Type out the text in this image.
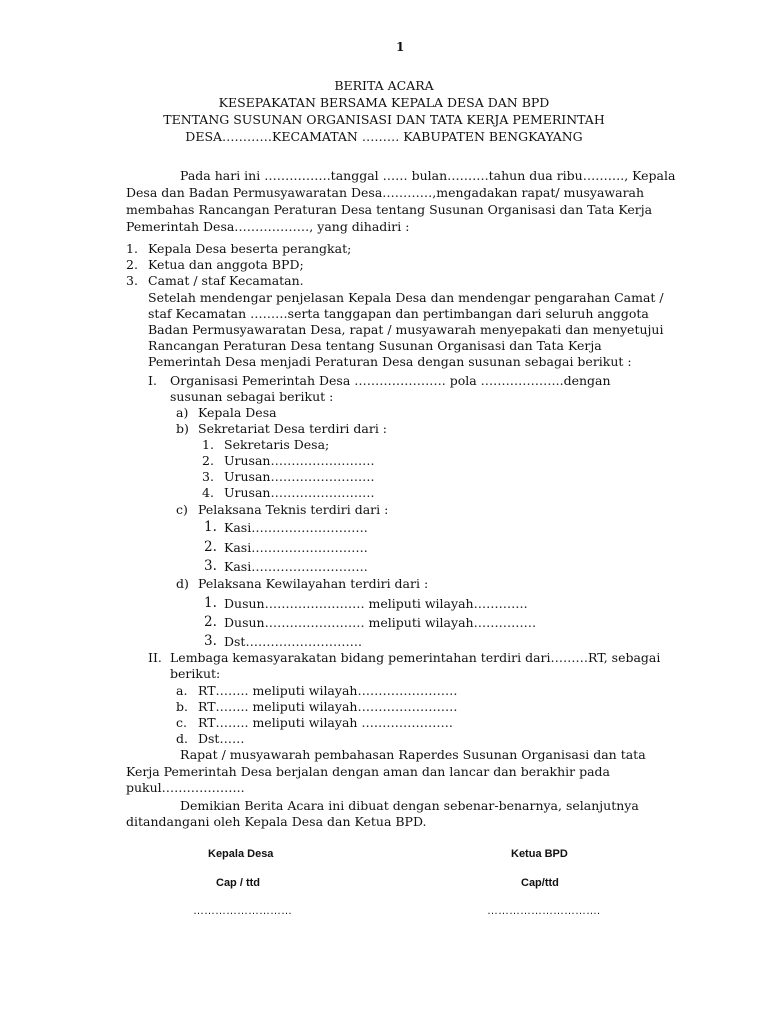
1
BERITA ACARA
KESEPAKATAN BERSAMA KEPALA DESA DAN BPD
TENTANG SUSUNAN ORGANISASI DAN TATA KERJA PEMERINTAH
DESA…………KECAMATAN ……… KABUPATEN BENGKAYANG
Pada hari ini …………….tanggal …… bulan……….tahun dua ribu………., Kepala
Desa dan Badan Permusyawaratan Desa…………,mengadakan rapat/ musyawarah
membahas Rancangan Peraturan Desa tentang Susunan Organisasi dan Tata Kerja
Pemerintah Desa………………, yang dihadiri :
1. Kepala Desa beserta perangkat;
2. Ketua dan anggota BPD;
3. Camat / staf Kecamatan.
Setelah mendengar penjelasan Kepala Desa dan mendengar pengarahan Camat /
staf Kecamatan ………serta tanggapan dan pertimbangan dari seluruh anggota
Badan Permusyawaratan Desa, rapat / musyawarah menyepakati dan menyetujui
Rancangan Peraturan Desa tentang Susunan Organisasi dan Tata Kerja
Pemerintah Desa menjadi Peraturan Desa dengan susunan sebagai berikut :
I. Organisasi Pemerintah Desa …………………. pola ………………..dengan
susunan sebagai berikut :
a) Kepala Desa
b) Sekretariat Desa terdiri dari :
1. Sekretaris Desa;
2. Urusan…………………….
3. Urusan…………………….
4. Urusan…………………….
c) Pelaksana Teknis terdiri dari :
1. Kasi……………………….
2. Kasi……………………….
3. Kasi……………………….
d) Pelaksana Kewilayahan terdiri dari :
1. Dusun…………………… meliputi wilayah………….
2. Dusun…………………… meliputi wilayah……………
3. Dst……………………….
II. Lembaga kemasyarakatan bidang pemerintahan terdiri dari………RT, sebagai
berikut:
a. RT…….. meliputi wilayah……………………
b. RT…….. meliputi wilayah……………………
c. RT…….. meliputi wilayah ………………….
d. Dst……
Rapat / musyawarah pembahasan Raperdes Susunan Organisasi dan tata
Kerja Pemerintah Desa berjalan dengan aman dan lancar dan berakhir pada
pukul………………..
Demikian Berita Acara ini dibuat dengan sebenar-benarnya, selanjutnya
ditandangani oleh Kepala Desa dan Ketua BPD.
Kepala Desa
Cap / ttd
………………………
Ketua BPD
Cap/ttd
………………………….
